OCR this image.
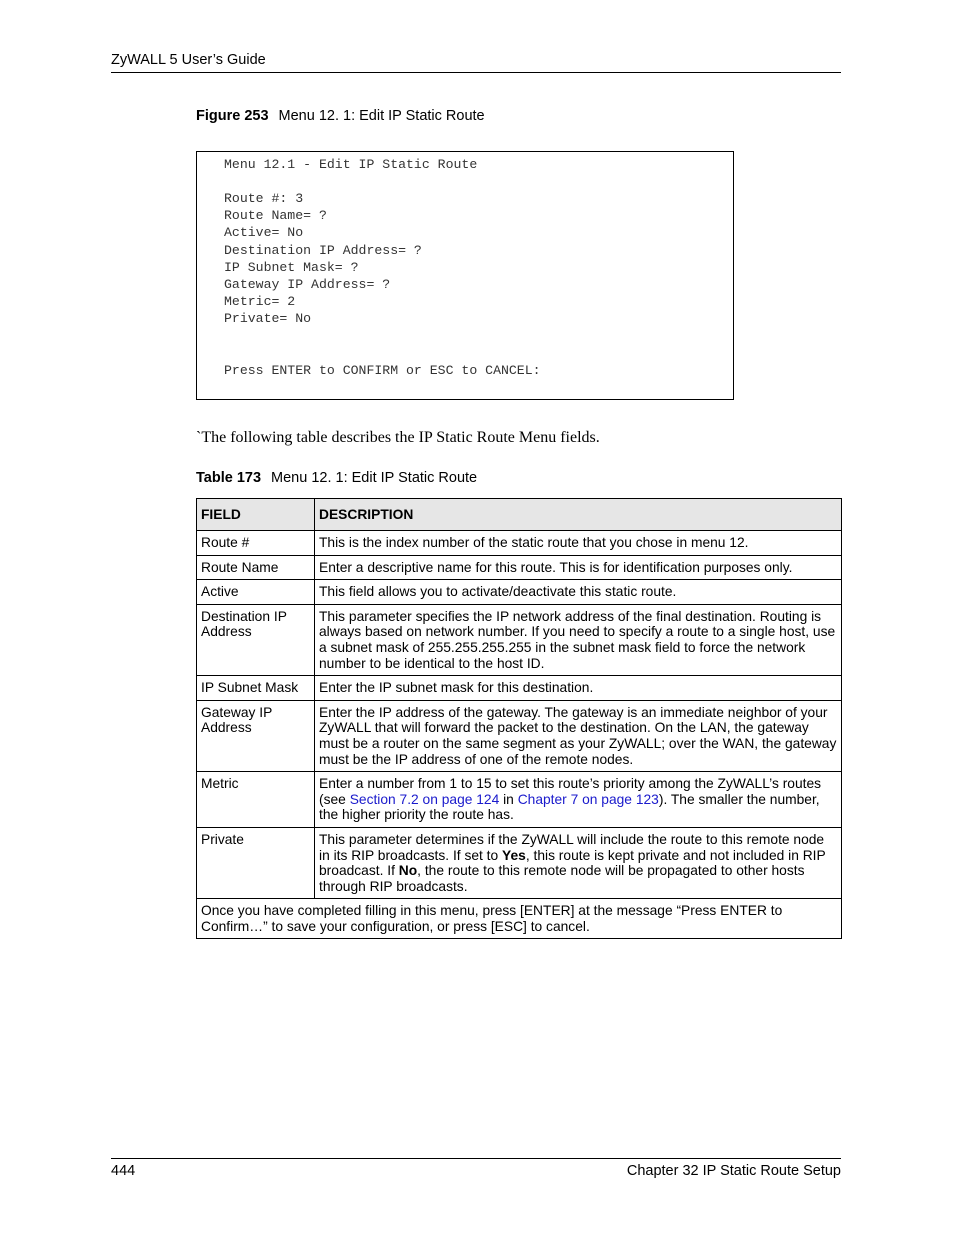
ZyWALL 5 User’s Guide
Figure 253 Menu 12. 1: Edit IP Static Route
Menu 12.1 - Edit IP Static Route
Route #: 3
Route Name= ?
Active= No
Destination IP Address= ?
IP Subnet Mask= ?
Gateway IP Address= ?
Metric= 2
Private= No
Press ENTER to CONFIRM or ESC to CANCEL:
`The following table describes the IP Static Route Menu fields.
Table 173 Menu 12. 1: Edit IP Static Route
FIELD	DESCRIPTION
Route #	This is the index number of the static route that you chose in menu 12.
Route Name	Enter a descriptive name for this route. This is for identification purposes only.
Active	This field allows you to activate/deactivate this static route.
Destination IP Address	This parameter specifies the IP network address of the final destination. Routing is always based on network number. If you need to specify a route to a single host, use a subnet mask of 255.255.255.255 in the subnet mask field to force the network number to be identical to the host ID.
IP Subnet Mask	Enter the IP subnet mask for this destination.
Gateway IP Address	Enter the IP address of the gateway. The gateway is an immediate neighbor of your ZyWALL that will forward the packet to the destination. On the LAN, the gateway must be a router on the same segment as your ZyWALL; over the WAN, the gateway must be the IP address of one of the remote nodes.
Metric	Enter a number from 1 to 15 to set this route’s priority among the ZyWALL’s routes (see Section 7.2 on page 124 in Chapter 7 on page 123). The smaller the number, the higher priority the route has.
Private	This parameter determines if the ZyWALL will include the route to this remote node in its RIP broadcasts. If set to Yes, this route is kept private and not included in RIP broadcast. If No, the route to this remote node will be propagated to other hosts through RIP broadcasts.
Once you have completed filling in this menu, press [ENTER] at the message “Press ENTER to Confirm…” to save your configuration, or press [ESC] to cancel.	
444	Chapter 32 IP Static Route Setup
